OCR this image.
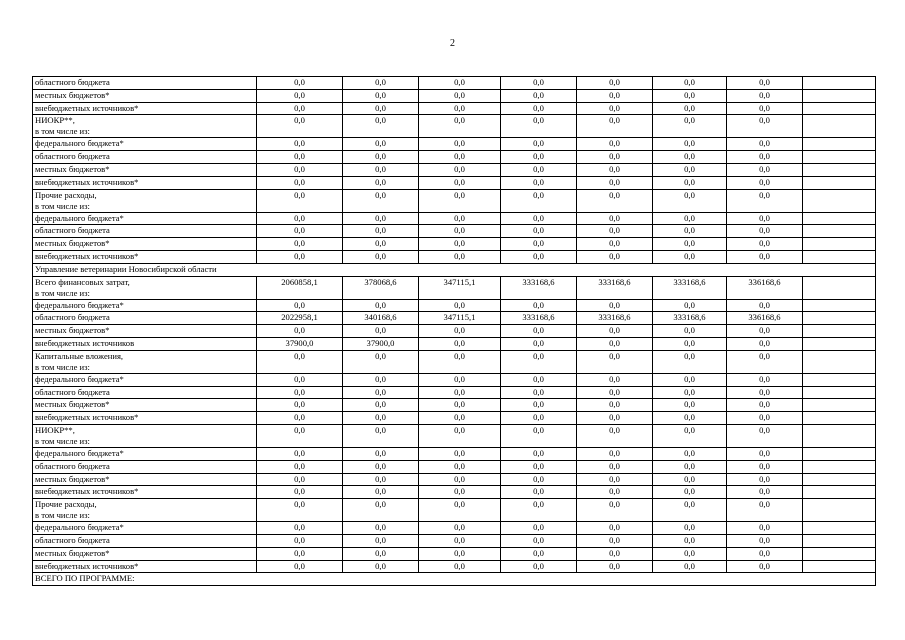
2
областного бюджета	0,0	0,0	0,0	0,0	0,0	0,0	0,0	
местных бюджетов*	0,0	0,0	0,0	0,0	0,0	0,0	0,0	
внебюджетных источников*	0,0	0,0	0,0	0,0	0,0	0,0	0,0	
НИОКР**,
в том числе из:	0,0	0,0	0,0	0,0	0,0	0,0	0,0	
федерального бюджета*	0,0	0,0	0,0	0,0	0,0	0,0	0,0	
областного бюджета	0,0	0,0	0,0	0,0	0,0	0,0	0,0	
местных бюджетов*	0,0	0,0	0,0	0,0	0,0	0,0	0,0	
внебюджетных источников*	0,0	0,0	0,0	0,0	0,0	0,0	0,0	
Прочие расходы,
в том числе из:	0,0	0,0	0,0	0,0	0,0	0,0	0,0	
федерального бюджета*	0,0	0,0	0,0	0,0	0,0	0,0	0,0	
областного бюджета	0,0	0,0	0,0	0,0	0,0	0,0	0,0	
местных бюджетов*	0,0	0,0	0,0	0,0	0,0	0,0	0,0	
внебюджетных источников*	0,0	0,0	0,0	0,0	0,0	0,0	0,0	
Управление ветеринарии Новосибирской области								
Всего финансовых затрат,
в том числе из:	2060858,1	378068,6	347115,1	333168,6	333168,6	333168,6	336168,6	
федерального бюджета*	0,0	0,0	0,0	0,0	0,0	0,0	0,0	
областного бюджета	2022958,1	340168,6	347115,1	333168,6	333168,6	333168,6	336168,6	
местных бюджетов*	0,0	0,0	0,0	0,0	0,0	0,0	0,0	
внебюджетных источников	37900,0	37900,0	0,0	0,0	0,0	0,0	0,0	
Капитальные вложения,
в том числе из:	0,0	0,0	0,0	0,0	0,0	0,0	0,0	
федерального бюджета*	0,0	0,0	0,0	0,0	0,0	0,0	0,0	
областного бюджета	0,0	0,0	0,0	0,0	0,0	0,0	0,0	
местных бюджетов*	0,0	0,0	0,0	0,0	0,0	0,0	0,0	
внебюджетных источников*	0,0	0,0	0,0	0,0	0,0	0,0	0,0	
НИОКР**,
в том числе из:	0,0	0,0	0,0	0,0	0,0	0,0	0,0	
федерального бюджета*	0,0	0,0	0,0	0,0	0,0	0,0	0,0	
областного бюджета	0,0	0,0	0,0	0,0	0,0	0,0	0,0	
местных бюджетов*	0,0	0,0	0,0	0,0	0,0	0,0	0,0	
внебюджетных источников*	0,0	0,0	0,0	0,0	0,0	0,0	0,0	
Прочие расходы,
в том числе из:	0,0	0,0	0,0	0,0	0,0	0,0	0,0	
федерального бюджета*	0,0	0,0	0,0	0,0	0,0	0,0	0,0	
областного бюджета	0,0	0,0	0,0	0,0	0,0	0,0	0,0	
местных бюджетов*	0,0	0,0	0,0	0,0	0,0	0,0	0,0	
внебюджетных источников*	0,0	0,0	0,0	0,0	0,0	0,0	0,0	
ВСЕГО ПО ПРОГРАММЕ:								
